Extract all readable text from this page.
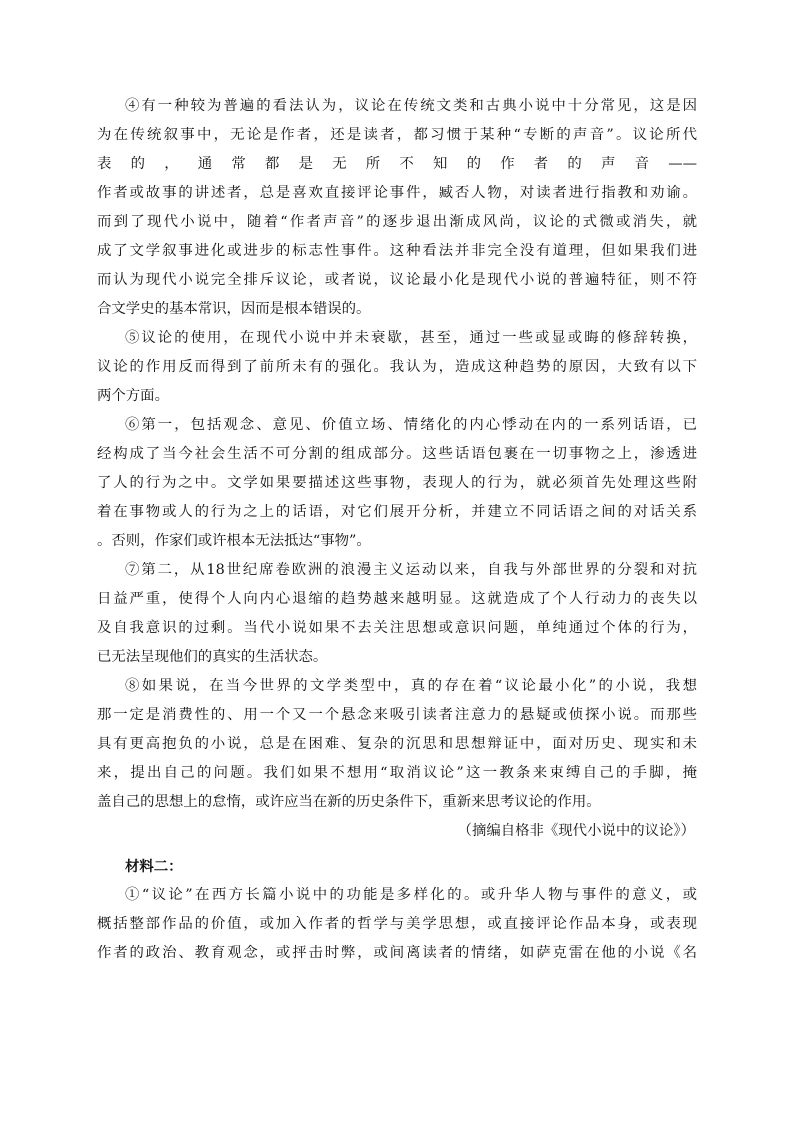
④有一种较为普遍的看法认为，议论在传统文类和古典小说中十分常见，这是因
为在传统叙事中，无论是作者，还是读者，都习惯于某种“专断的声音”。议论所代
表的，通常都是无所不知的作者的声音——
作者或故事的讲述者，总是喜欢直接评论事件，臧否人物，对读者进行指教和劝谕。
而到了现代小说中，随着“作者声音”的逐步退出渐成风尚，议论的式微或消失，就
成了文学叙事进化或进步的标志性事件。这种看法并非完全没有道理，但如果我们进
而认为现代小说完全排斥议论，或者说，议论最小化是现代小说的普遍特征，则不符
合文学史的基本常识，因而是根本错误的。
⑤议论的使用，在现代小说中并未衰歇，甚至，通过一些或显或晦的修辞转换，
议论的作用反而得到了前所未有的强化。我认为，造成这种趋势的原因，大致有以下
两个方面。
⑥第一，包括观念、意见、价值立场、情绪化的内心悸动在内的一系列话语，已
经构成了当今社会生活不可分割的组成部分。这些话语包裹在一切事物之上，渗透进
了人的行为之中。文学如果要描述这些事物，表现人的行为，就必须首先处理这些附
着在事物或人的行为之上的话语，对它们展开分析，并建立不同话语之间的对话关系
。否则，作家们或许根本无法抵达“事物”。
⑦第二，从18世纪席卷欧洲的浪漫主义运动以来，自我与外部世界的分裂和对抗
日益严重，使得个人向内心退缩的趋势越来越明显。这就造成了个人行动力的丧失以
及自我意识的过剩。当代小说如果不去关注思想或意识问题，单纯通过个体的行为，
已无法呈现他们的真实的生活状态。
⑧如果说，在当今世界的文学类型中，真的存在着“议论最小化”的小说，我想
那一定是消费性的、用一个又一个悬念来吸引读者注意力的悬疑或侦探小说。而那些
具有更高抱负的小说，总是在困难、复杂的沉思和思想辩证中，面对历史、现实和未
来，提出自己的问题。我们如果不想用“取消议论”这一教条来束缚自己的手脚，掩
盖自己的思想上的怠惰，或许应当在新的历史条件下，重新来思考议论的作用。
（摘编自格非《现代小说中的议论》）
材料二：
①“议论”在西方长篇小说中的功能是多样化的。或升华人物与事件的意义，或
概括整部作品的价值，或加入作者的哲学与美学思想，或直接评论作品本身，或表现
作者的政治、教育观念，或抨击时弊，或间离读者的情绪，如萨克雷在他的小说《名
